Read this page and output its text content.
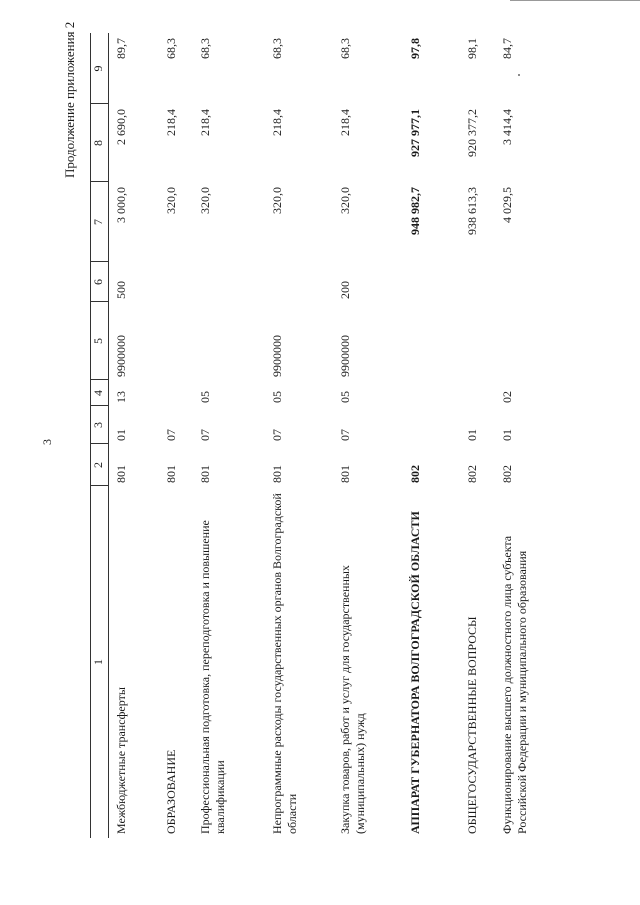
3
Продолжение приложения 2
1
2
3
4
5
6
7
8
9
Межбюджетные трансферты
801
01
13
9900000
500
3 000,0
2 690,0
89,7
ОБРАЗОВАНИЕ
801
07
320,0
218,4
68,3
Профессиональная подготовка, переподготовка и повышение квалификации
801
07
05
320,0
218,4
68,3
Непрограммные расходы государственных органов Волгоградской области
801
07
05
9900000
320,0
218,4
68,3
Закупка товаров, работ и услуг для государственных (муниципальных) нужд
801
07
05
9900000
200
320,0
218,4
68,3
АППАРАТ ГУБЕРНАТОРА ВОЛГОГРАДСКОЙ ОБЛАСТИ
802
948 982,7
927 977,1
97,8
ОБЩЕГОСУДАРСТВЕННЫЕ ВОПРОСЫ
802
01
938 613,3
920 377,2
98,1
Функционирование высшего должностного лица субъекта Российской Федерации и муниципального образования
802
01
02
4 029,5
3 414,4
84,7
